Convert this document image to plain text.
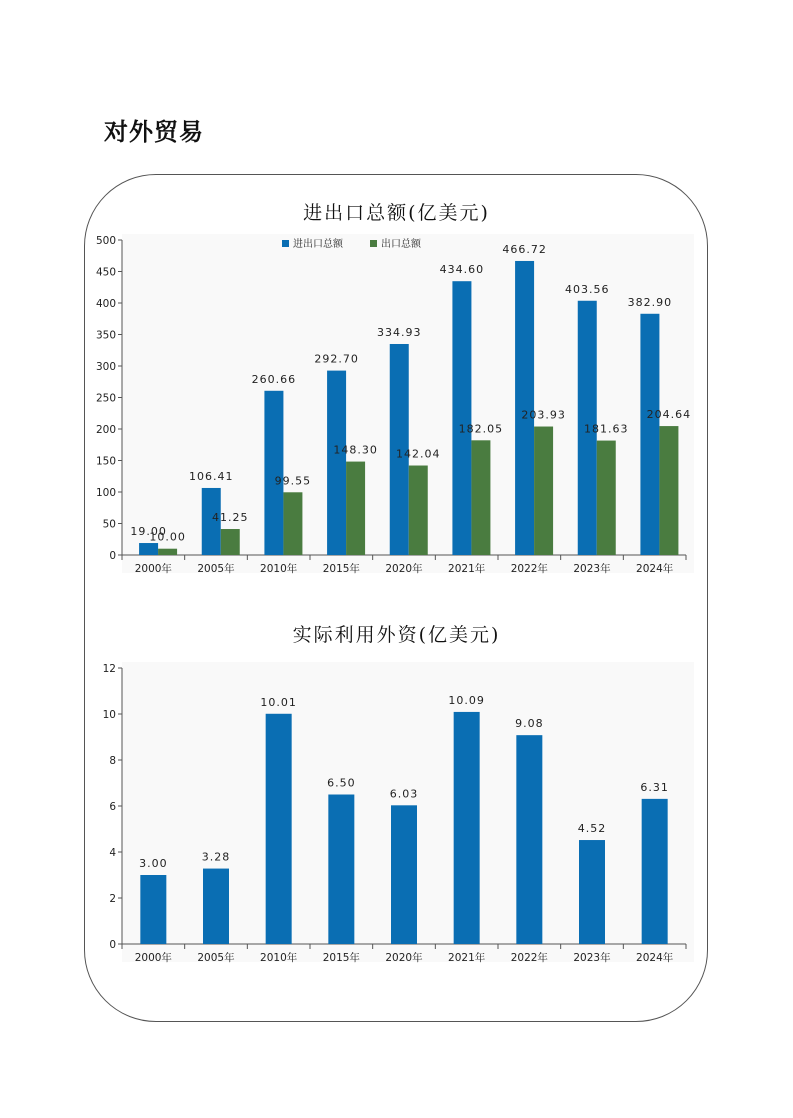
对外贸易
进出口总额(亿美元)
实际利用外资(亿美元)
0
50
100
150
200
250
300
350
400
450
500
2000年 2005年 2010年 2015年 2020年 2021年 2022年 2023年 2024年
19.00
106.41
260.66
292.70
334.93
434.60
466.72
403.56
382.90
10.00
41.25
99.55
148.30 142.04
182.05
203.93
181.63
204.64
进出口总额	出口总额
0
2
4
6
8
10
12
2000年 2005年 2010年 2015年 2020年 2021年 2022年 2023年 2024年
3.00	3.28
10.01
6.50
6.03
10.09
9.08
4.52
6.31
